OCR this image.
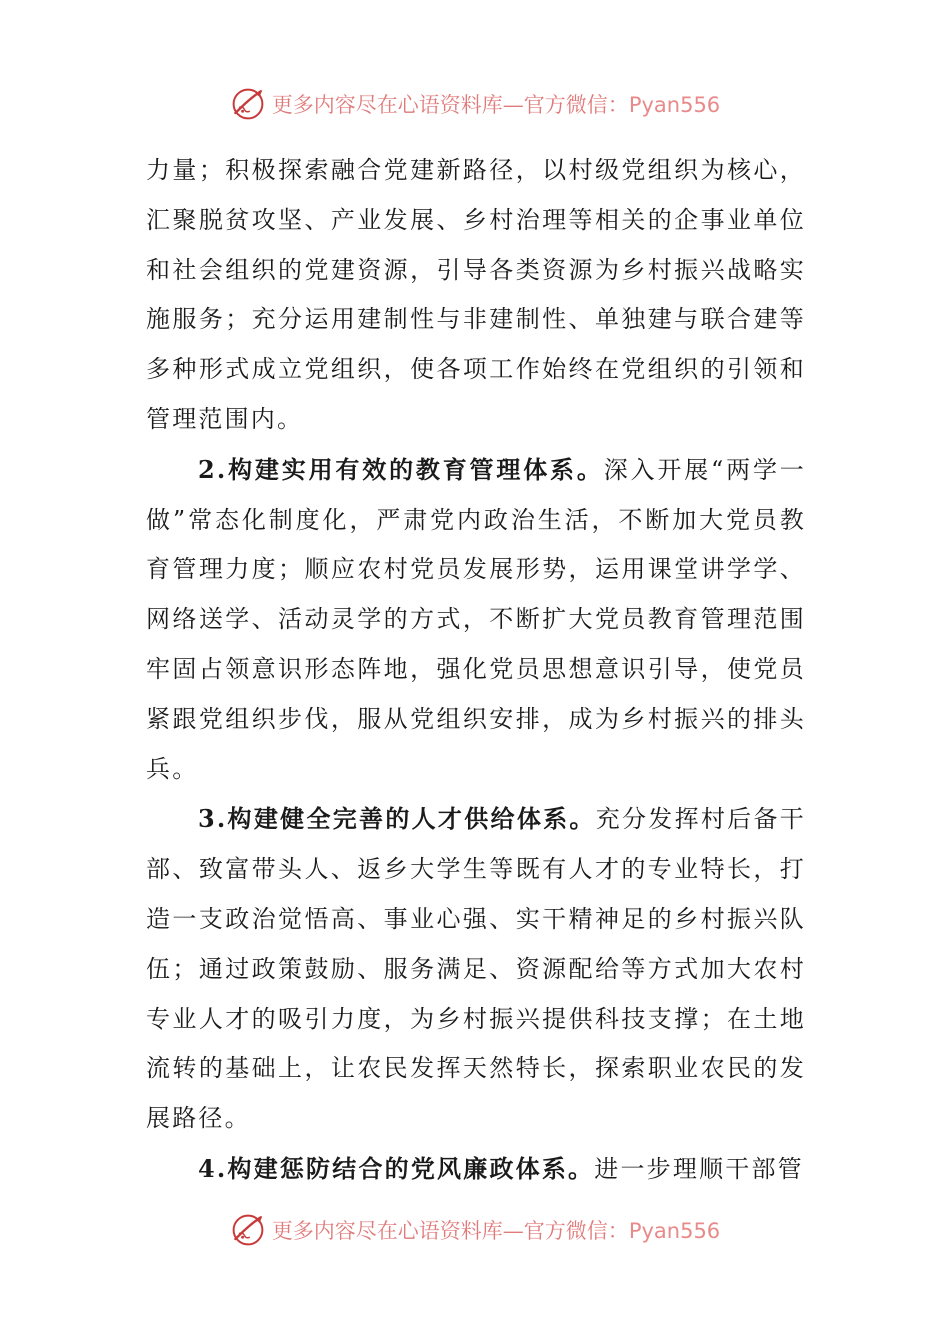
更多内容尽在心语资料库—官方微信：Pyan556

力量；积极探索融合党建新路径，以村级党组织为核心，汇聚脱贫攻坚、产业发展、乡村治理等相关的企事业单位和社会组织的党建资源，引导各类资源为乡村振兴战略实施服务；充分运用建制性与非建制性、单独建与联合建等多种形式成立党组织，使各项工作始终在党组织的引领和管理范围内。

2.构建实用有效的教育管理体系。深入开展“两学一做”常态化制度化，严肃党内政治生活，不断加大党员教育管理力度；顺应农村党员发展形势，运用课堂讲学学、网络送学、活动灵学的方式，不断扩大党员教育管理范围牢固占领意识形态阵地，强化党员思想意识引导，使党员紧跟党组织步伐，服从党组织安排，成为乡村振兴的排头兵。

3.构建健全完善的人才供给体系。充分发挥村后备干部、致富带头人、返乡大学生等既有人才的专业特长，打造一支政治觉悟高、事业心强、实干精神足的乡村振兴队伍；通过政策鼓励、服务满足、资源配给等方式加大农村专业人才的吸引力度，为乡村振兴提供科技支撑；在土地流转的基础上，让农民发挥天然特长，探索职业农民的发展路径。

4.构建惩防结合的党风廉政体系。进一步理顺干部管

更多内容尽在心语资料库—官方微信：Pyan556
